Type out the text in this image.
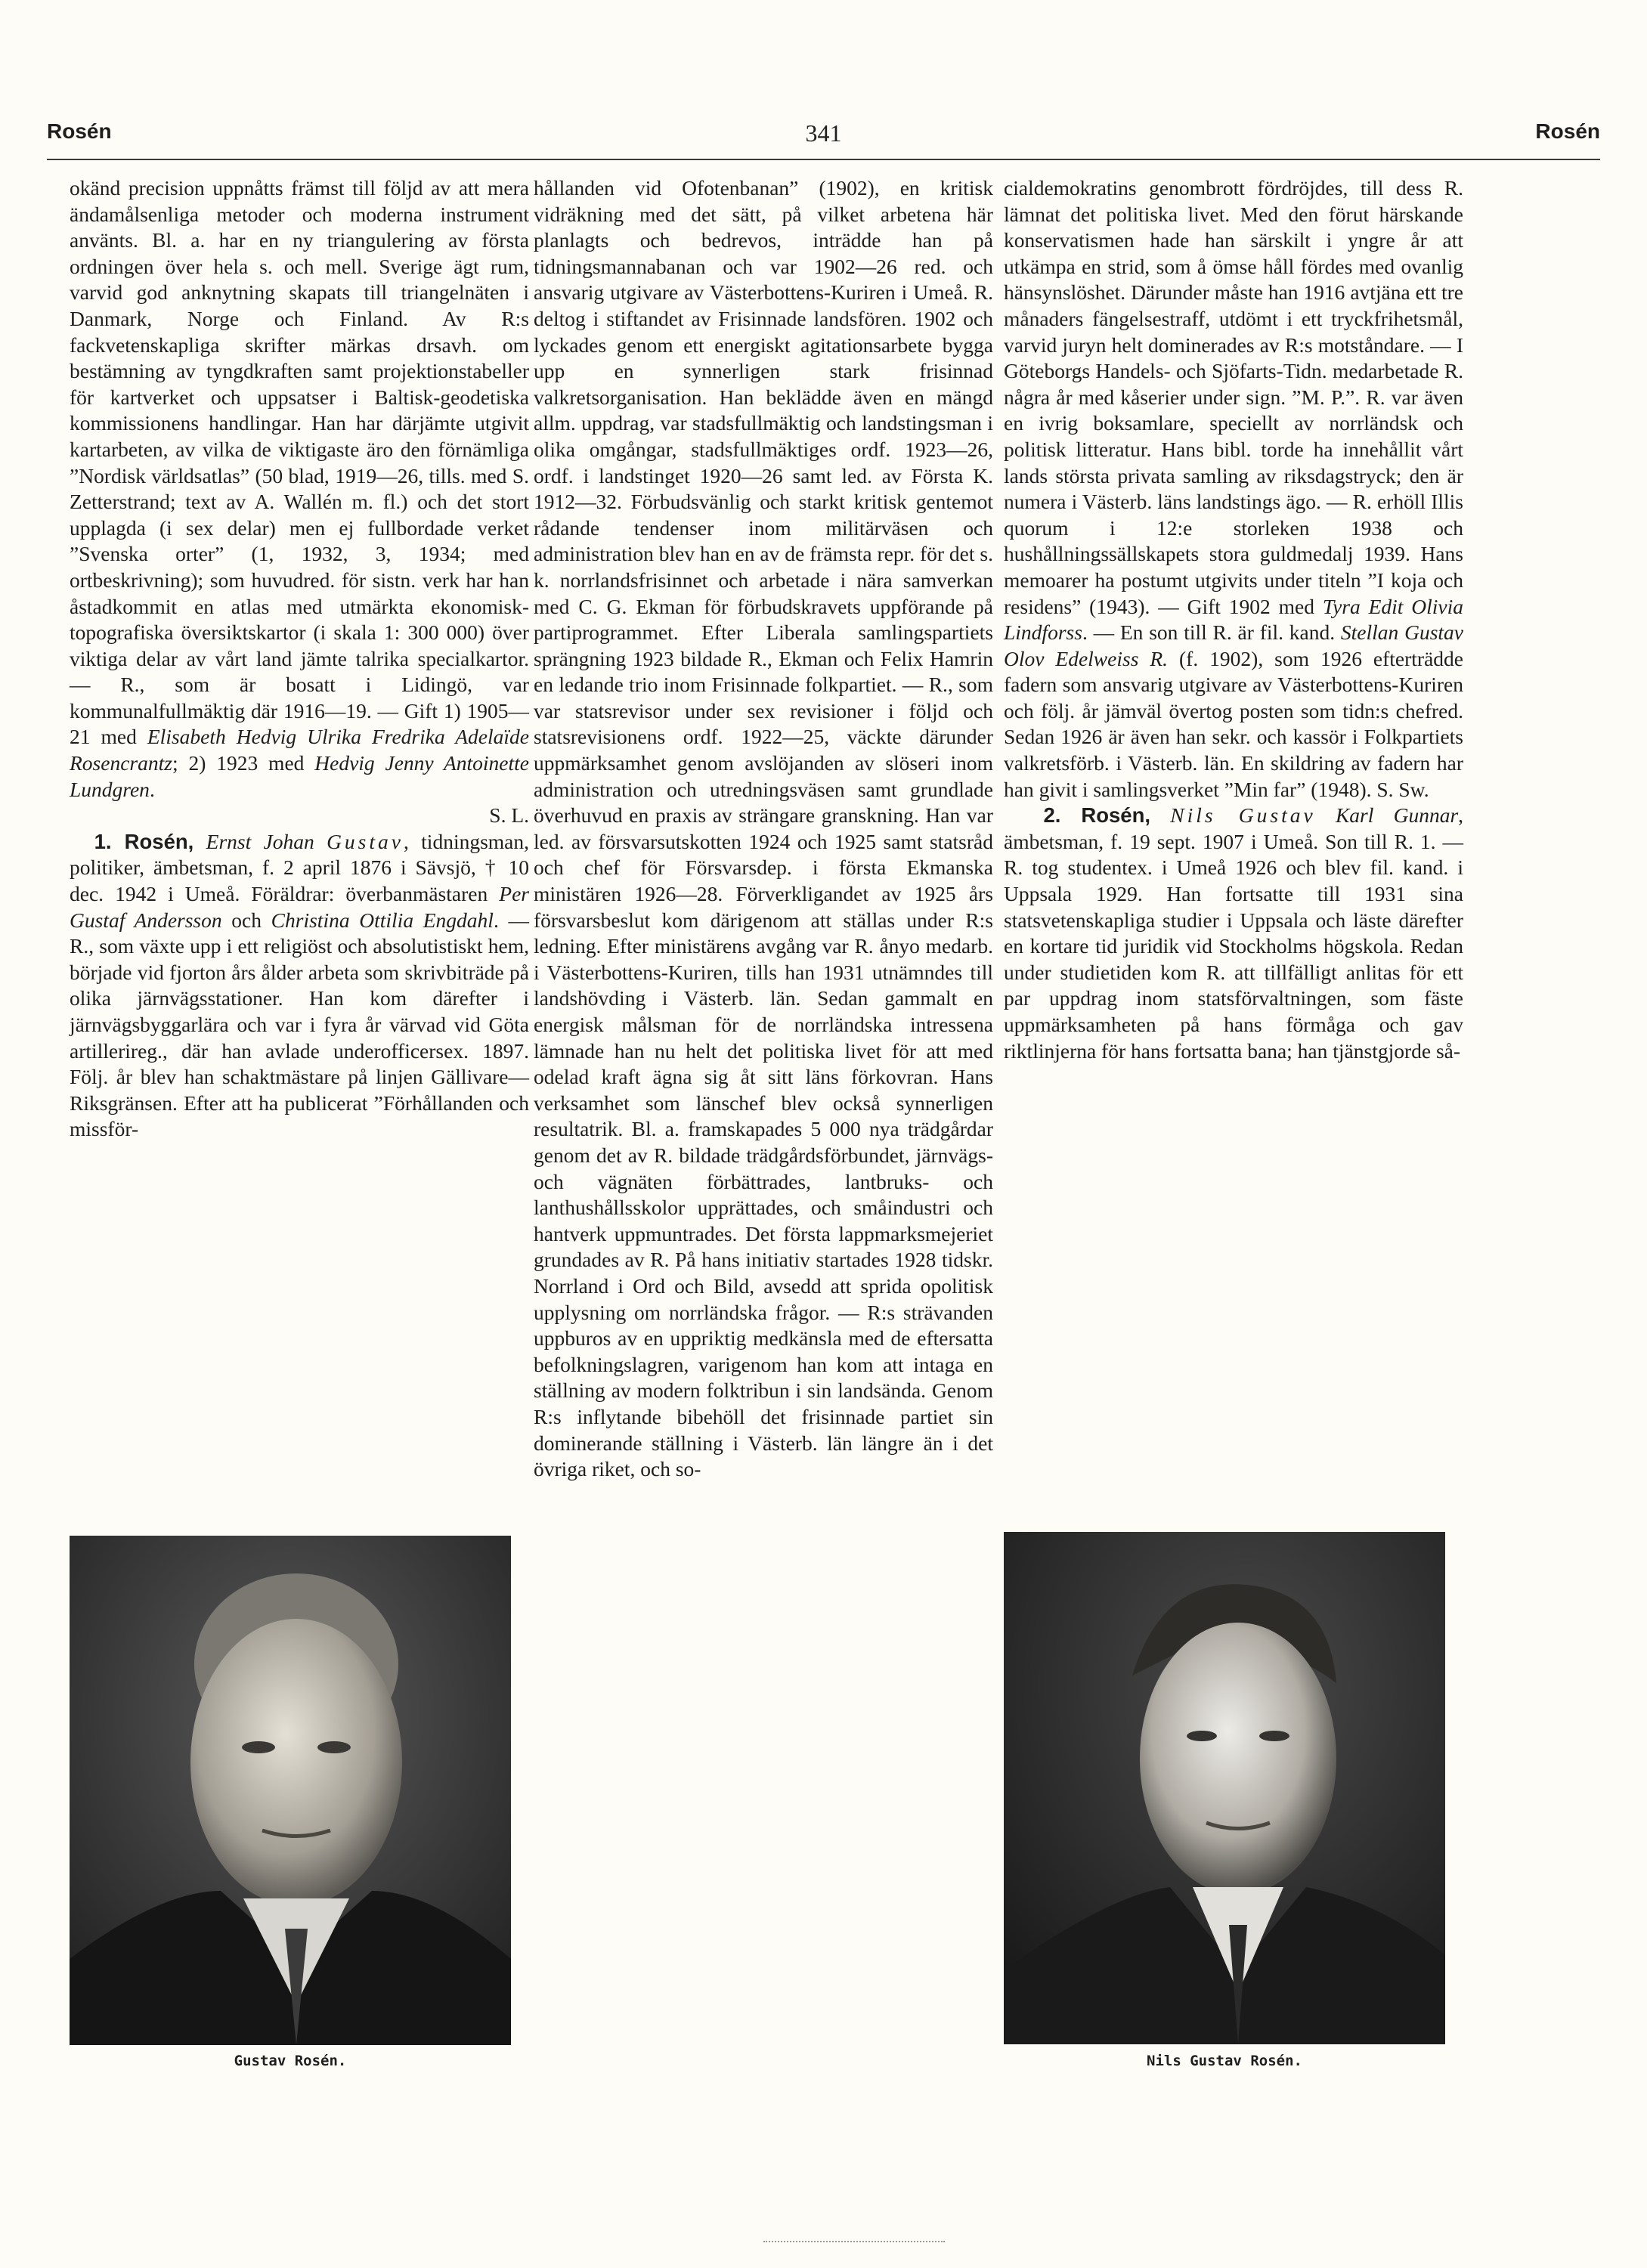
Rosén	341	Rosén

okänd precision uppnåtts främst till följd av att mera ändamålsenliga metoder och moderna instrument använts. Bl. a. har en ny triangulering av första ordningen över hela s. och mell. Sverige ägt rum, varvid god anknytning skapats till triangelnäten i Danmark, Norge och Finland. Av R:s fackvetenskapliga skrifter märkas drsavh. om bestämning av tyngdkraften samt projektionstabeller för kartverket och uppsatser i Baltisk-geodetiska kommissionens handlingar. Han har därjämte utgivit kartarbeten, av vilka de viktigaste äro den förnämliga ”Nordisk världsatlas” (50 blad, 1919—26, tills. med S. Zetterstrand; text av A. Wallén m. fl.) och det stort upplagda (i sex delar) men ej fullbordade verket ”Svenska orter” (1, 1932, 3, 1934; med ortbeskrivning); som huvudred. för sistn. verk har han åstadkommit en atlas med utmärkta ekonomisk-topografiska översiktskartor (i skala 1: 300 000) över viktiga delar av vårt land jämte talrika specialkartor. — R., som är bosatt i Lidingö, var kommunalfullmäktig där 1916—19. — Gift 1) 1905—21 med Elisabeth Hedvig Ulrika Fredrika Adelaïde Rosencrantz; 2) 1923 med Hedvig Jenny Antoinette Lundgren.

S. L.

1. Rosén, Ernst Johan Gustav, tidningsman, politiker, ämbetsman, f. 2 april 1876 i Sävsjö, † 10 dec. 1942 i Umeå. Föräldrar: överbanmästaren Per Gustaf Andersson och Christina Ottilia Engdahl. — R., som växte upp i ett religiöst och absolutistiskt hem, började vid fjorton års ålder arbeta som skrivbiträde på olika järnvägsstationer. Han kom därefter i järnvägsbyggarlära och var i fyra år värvad vid Göta artillerireg., där han avlade underofficersex. 1897. Följ. år blev han schaktmästare på linjen Gällivare—Riksgränsen. Efter att ha publicerat ”Förhållanden och missför-

hållanden vid Ofotenbanan” (1902), en kritisk vidräkning med det sätt, på vilket arbetena här planlagts och bedrevos, inträdde han på tidningsmannabanan och var 1902—26 red. och ansvarig utgivare av Västerbottens-Kuriren i Umeå. R. deltog i stiftandet av Frisinnade landsfören. 1902 och lyckades genom ett energiskt agitationsarbete bygga upp en synnerligen stark frisinnad valkretsorganisation. Han beklädde även en mängd allm. uppdrag, var stadsfullmäktig och landstingsman i olika omgångar, stadsfullmäktiges ordf. 1923—26, ordf. i landstinget 1920—26 samt led. av Första K. 1912—32. Förbudsvänlig och starkt kritisk gentemot rådande tendenser inom militärväsen och administration blev han en av de främsta repr. för det s. k. norrlandsfrisinnet och arbetade i nära samverkan med C. G. Ekman för förbudskravets uppförande på partiprogrammet. Efter Liberala samlingspartiets sprängning 1923 bildade R., Ekman och Felix Hamrin en ledande trio inom Frisinnade folkpartiet. — R., som var statsrevisor under sex revisioner i följd och statsrevisionens ordf. 1922—25, väckte därunder uppmärksamhet genom avslöjanden av slöseri inom administration och utredningsväsen samt grundlade överhuvud en praxis av strängare granskning. Han var led. av försvarsutskotten 1924 och 1925 samt statsråd och chef för Försvarsdep. i första Ekmanska ministären 1926—28. Förverkligandet av 1925 års försvarsbeslut kom därigenom att ställas under R:s ledning. Efter ministärens avgång var R. ånyo medarb. i Västerbottens-Kuriren, tills han 1931 utnämndes till landshövding i Västerb. län. Sedan gammalt en energisk målsman för de norrländska intressena lämnade han nu helt det politiska livet för att med odelad kraft ägna sig åt sitt läns förkovran. Hans verksamhet som länschef blev också synnerligen resultatrik. Bl. a. framskapades 5 000 nya trädgårdar genom det av R. bildade trädgårdsförbundet, järnvägs- och vägnäten förbättrades, lantbruks- och lanthushållsskolor upprättades, och småindustri och hantverk uppmuntrades. Det första lappmarksmejeriet grundades av R. På hans initiativ startades 1928 tidskr. Norrland i Ord och Bild, avsedd att sprida opolitisk upplysning om norrländska frågor. — R:s strävanden uppburos av en uppriktig medkänsla med de eftersatta befolkningslagren, varigenom han kom att intaga en ställning av modern folktribun i sin landsända. Genom R:s inflytande bibehöll det frisinnade partiet sin dominerande ställning i Västerb. län längre än i det övriga riket, och so-

cialdemokratins genombrott fördröjdes, till dess R. lämnat det politiska livet. Med den förut härskande konservatismen hade han särskilt i yngre år att utkämpa en strid, som å ömse håll fördes med ovanlig hänsynslöshet. Därunder måste han 1916 avtjäna ett tre månaders fängelsestraff, utdömt i ett tryckfrihetsmål, varvid juryn helt dominerades av R:s motståndare. — I Göteborgs Handels- och Sjöfarts-Tidn. medarbetade R. några år med kåserier under sign. ”M. P.”. R. var även en ivrig boksamlare, speciellt av norrländsk och politisk litteratur. Hans bibl. torde ha innehållit vårt lands största privata samling av riksdagstryck; den är numera i Västerb. läns landstings ägo. — R. erhöll Illis quorum i 12:e storleken 1938 och hushållningssällskapets stora guldmedalj 1939. Hans memoarer ha postumt utgivits under titeln ”I koja och residens” (1943). — Gift 1902 med Tyra Edit Olivia Lindforss. — En son till R. är fil. kand. Stellan Gustav Olov Edelweiss R. (f. 1902), som 1926 efterträdde fadern som ansvarig utgivare av Västerbottens-Kuriren och följ. år jämväl övertog posten som tidn:s chefred. Sedan 1926 är även han sekr. och kassör i Folkpartiets valkretsförb. i Västerb. län. En skildring av fadern har han givit i samlingsverket ”Min far” (1948). S. Sw.

2. Rosén, Nils Gustav Karl Gunnar, ämbetsman, f. 19 sept. 1907 i Umeå. Son till R. 1. — R. tog studentex. i Umeå 1926 och blev fil. kand. i Uppsala 1929. Han fortsatte till 1931 sina statsvetenskapliga studier i Uppsala och läste därefter en kortare tid juridik vid Stockholms högskola. Redan under studietiden kom R. att tillfälligt anlitas för ett par uppdrag inom statsförvaltningen, som fäste uppmärksamheten på hans förmåga och gav riktlinjerna för hans fortsatta bana; han tjänstgjorde så-

Gustav Rosén.	Nils Gustav Rosén.
